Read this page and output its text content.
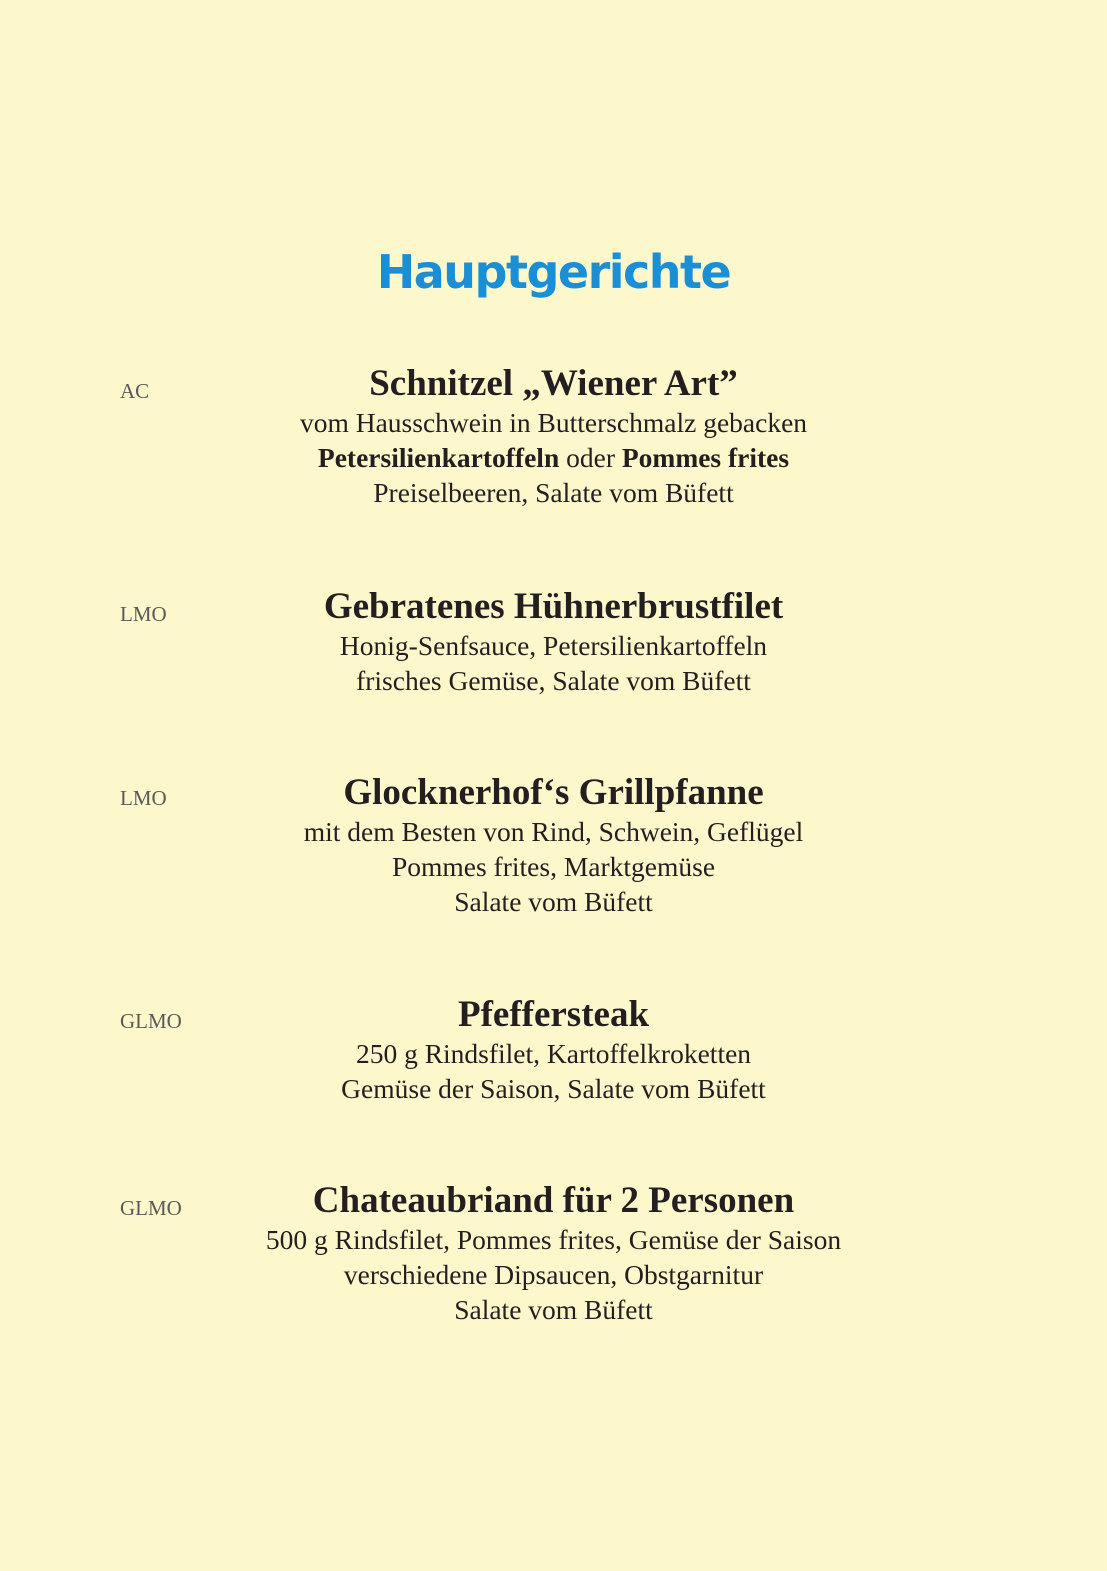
Hauptgerichte
AC	Schnitzel „Wiener Art”

vom Hausschwein in Butterschmalz gebacken

Petersilienkartoffeln oder Pommes frites

Preiselbeeren, Salate vom Büfett

LMO	Gebratenes Hühnerbrustfilet

Honig-Senfsauce, Petersilienkartoffeln

frisches Gemüse, Salate vom Büfett

LMO	Glocknerhof‘s Grillpfanne

mit dem Besten von Rind, Schwein, Geflügel

Pommes frites, Marktgemüse

Salate vom Büfett

GLMO	Pfeffersteak

250 g Rindsfilet, Kartoffelkroketten

Gemüse der Saison, Salate vom Büfett

GLMO	Chateaubriand für 2 Personen

500 g Rindsfilet, Pommes frites, Gemüse der Saison

verschiedene Dipsaucen, Obstgarnitur

Salate vom Büfett
